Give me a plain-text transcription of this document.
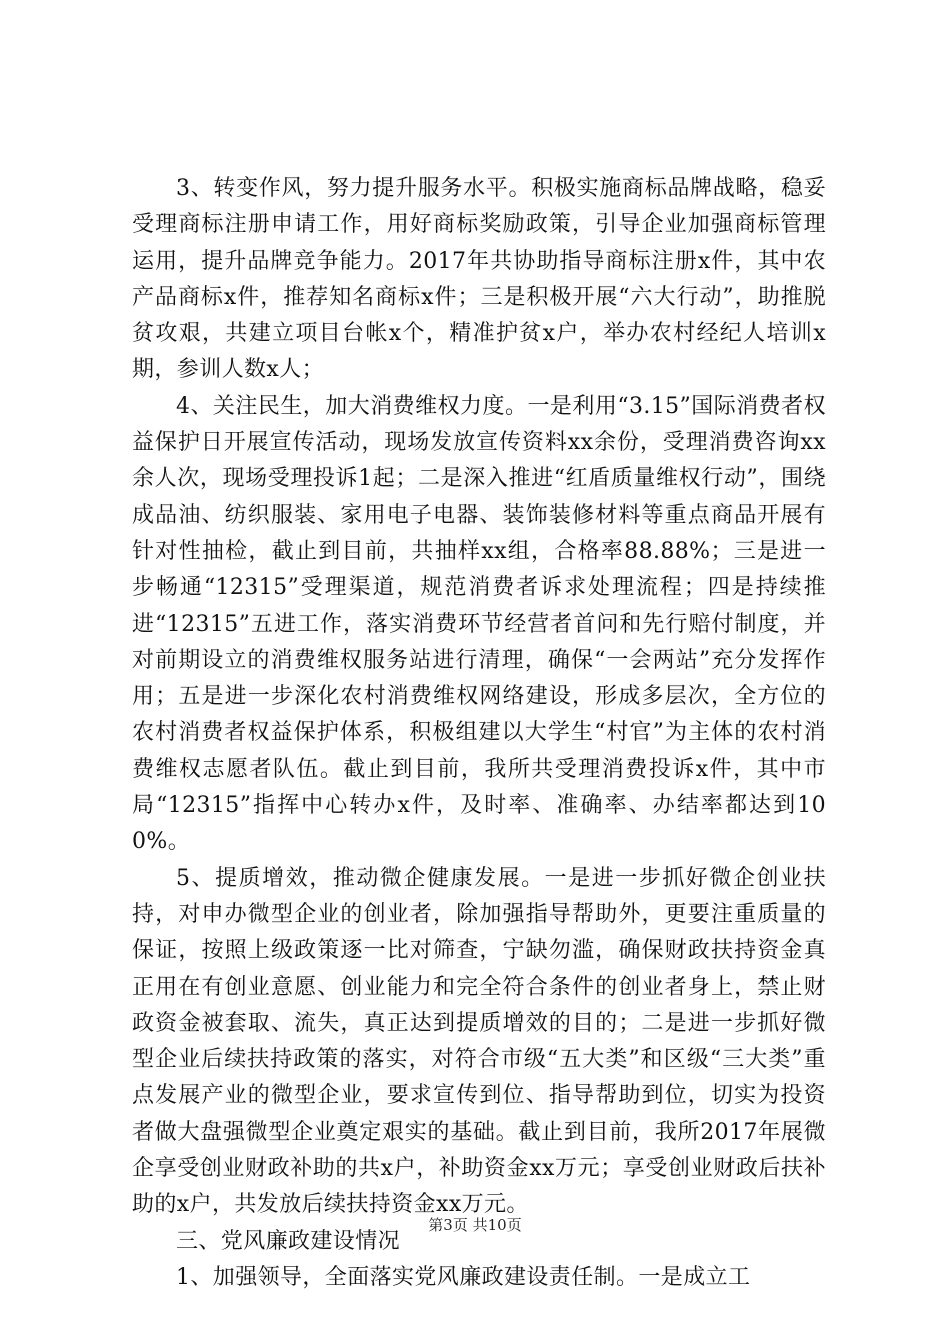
3、转变作风，努力提升服务水平。积极实施商标品牌战略，稳妥受理商标注册申请工作，用好商标奖励政策，引导企业加强商标管理运用，提升品牌竞争能力。2017年共协助指导商标注册x件，其中农产品商标x件，推荐知名商标x件；三是积极开展“六大行动”，助推脱贫攻艰，共建立项目台帐x个，精准护贫x户，举办农村经纪人培训x期，参训人数x人；

4、关注民生，加大消费维权力度。一是利用“3.15”国际消费者权益保护日开展宣传活动，现场发放宣传资料xx余份，受理消费咨询xx余人次，现场受理投诉1起；二是深入推进“红盾质量维权行动”，围绕成品油、纺织服装、家用电子电器、装饰装修材料等重点商品开展有针对性抽检，截止到目前，共抽样xx组，合格率88.88%；三是进一步畅通“12315”受理渠道，规范消费者诉求处理流程；四是持续推进“12315”五进工作，落实消费环节经营者首问和先行赔付制度，并对前期设立的消费维权服务站进行清理，确保“一会两站”充分发挥作用；五是进一步深化农村消费维权网络建设，形成多层次，全方位的农村消费者权益保护体系，积极组建以大学生“村官”为主体的农村消费维权志愿者队伍。截止到目前，我所共受理消费投诉x件，其中市局“12315”指挥中心转办x件，及时率、准确率、办结率都达到100%。

5、提质增效，推动微企健康发展。一是进一步抓好微企创业扶持，对申办微型企业的创业者，除加强指导帮助外，更要注重质量的保证，按照上级政策逐一比对筛查，宁缺勿滥，确保财政扶持资金真正用在有创业意愿、创业能力和完全符合条件的创业者身上，禁止财政资金被套取、流失，真正达到提质增效的目的；二是进一步抓好微型企业后续扶持政策的落实，对符合市级“五大类”和区级“三大类”重点发展产业的微型企业，要求宣传到位、指导帮助到位，切实为投资者做大盘强微型企业奠定艰实的基础。截止到目前，我所2017年展微企享受创业财政补助的共x户，补助资金xx万元；享受创业财政后扶补助的x户，共发放后续扶持资金xx万元。

三、党风廉政建设情况

1、加强领导，全面落实党风廉政建设责任制。一是成立工

第3页 共10页
